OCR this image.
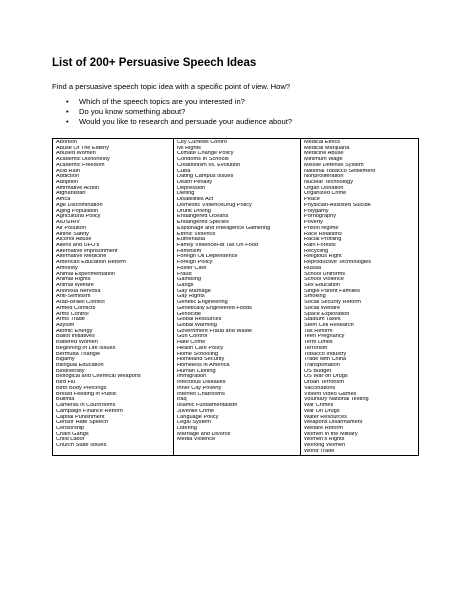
List of 200+ Persuasive Speech Ideas

Find a persuasive speech topic idea with a specific point of view. How?

• Which of the speech topics are you interested in?
• Do you know something about?
• Would you like to research and persuade your audience about?
Abortion
Abuse Of The Elderly
Abused Women
Academic Dishonesty
Academic Freedom
Acid Rain
Addiction
Adoption
Affirmative Action
Afghanistan
Africa
Age Discrimination
Aging Population
Agricultural Policy
AIDS/HIV
Air Pollution
Airline Safety
Alcohol Abuse
Aliens and UFO's
Alternative imprisonment
Alternative Medicine
American Education Reform
Amnesty
Animal Experimentation
Animal Rights
Animal Welfare
Anorexia Nervosa
Anti-Semitism
Arab-Israeli Conflict
Armed Conflicts
Arms Control
Arms Trade
Asylum
Atomic Energy
Ballot Initiatives
Battered Women
Beginning of Life Issues
Bermuda Triangle
Bigamy
Bilingual Education
Biodiversity
Biological and Chemical Weapons
Bird Flu
Birth Body Piercings
Breast Feeding in Public
Bulimia
Cameras in Courtrooms
Campaign Finance Reform
Capital Punishment
Censor Hate Speech
Censorship
Chain Gangs
Child Labor
Church State Issues

City Curfews Contro
ivil Rights
Climate Change Policy
Condoms In Schools
Creationism vs. Evolution
Cuba
Dating Campus Issues
Death Penalty
Depression
Dieting
Disabilities Act
Domestic ViolenceDrug Policy
Drunk Driving
Endangered Oceans
Endangered Species
Espionage and Intelligence Gathering
Ethnic Violence
Euthenasia
Family ViolenceFat Tax On Food
Feminism
Foreign Oil Dependence
Foreign Policy
Foster Care
Fraud
Gambling
Gangs
Gay Marriage
Gay Rights
Genetic Engineering
Genetically Engineered Foods
Genocide
Global Resources
Global Warming
Government Fraud and Waste
Gun Control
Hate Crime
Health Care Policy
Home Schooling
Homeland Security
Homeless in America
Human Cloning
Immigration
Infectious Diseases
Inner City Poverty
Internet Chatrooms
Iraq
Islamic Fundamentalism
Juvenile Crime
Language Policy
Legal System
Littering
Marriage and Divorce
Media Violence

Medical Ethics
Medical Marijuana
Medicine Abuse
Minimum Wage
Missile Defense System
National Tobacco Settlement
Nonproliferation
Nuclear Technology
Organ Donation
Organized Crime
Peace
Physician-Assisted Suicide
Polygamy
Pornography
Poverty
Prison regime
Race Relations
Racial Profiling
Rain Forests
Recycling
Religious Right
Reproductive Technologies
Russia
School Uniforms
School Violence
Sex Education
Single Parent Families
Smoking
Social Security Reform
Social Welfare
Space Exploration
Stadium Taxes
Stem Cell Research
Tax Reform
Teen Pregnancy
Term Limits
Terrorism
Tobacco Industry
Trade with China
Transportation
US Budget
US War on Drugs
Urban Terrorism
Vaccinations
Violent Video Games
Voluntary National Testing
War Crimes
War On Drugs
Water Resources
Weapons Disarmament
Welfare Reform
Women in the Military
Women's Rights
Working Women
World Trade
